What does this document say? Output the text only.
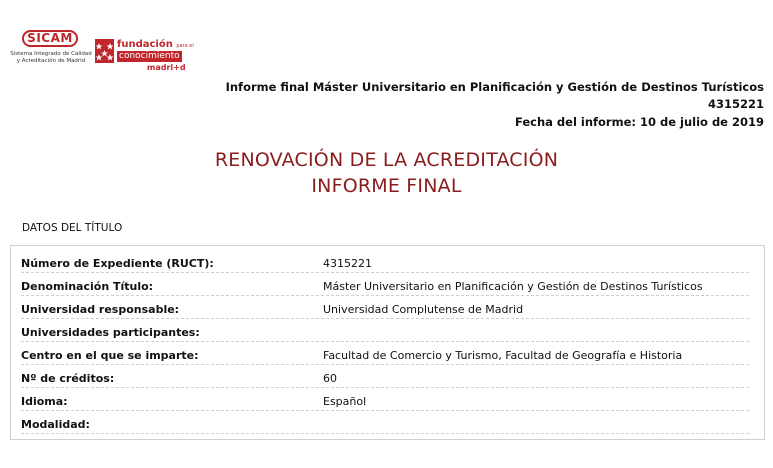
SICAM
Sistema Integrado de Calidad
y Acreditación de Madrid
fundación para el
conocimiento
madri+d
Informe final Máster Universitario en Planificación y Gestión de Destinos Turísticos
4315221
Fecha del informe: 10 de julio de 2019
RENOVACIÓN DE LA ACREDITACIÓN
INFORME FINAL
DATOS DEL TÍTULO
Número de Expediente (RUCT):	4315221
Denominación Título:	Máster Universitario en Planificación y Gestión de Destinos Turísticos
Universidad responsable:	Universidad Complutense de Madrid
Universidades participantes:
Centro en el que se imparte:	Facultad de Comercio y Turismo, Facultad de Geografía e Historia
Nº de créditos:	60
Idioma:	Español
Modalidad:
